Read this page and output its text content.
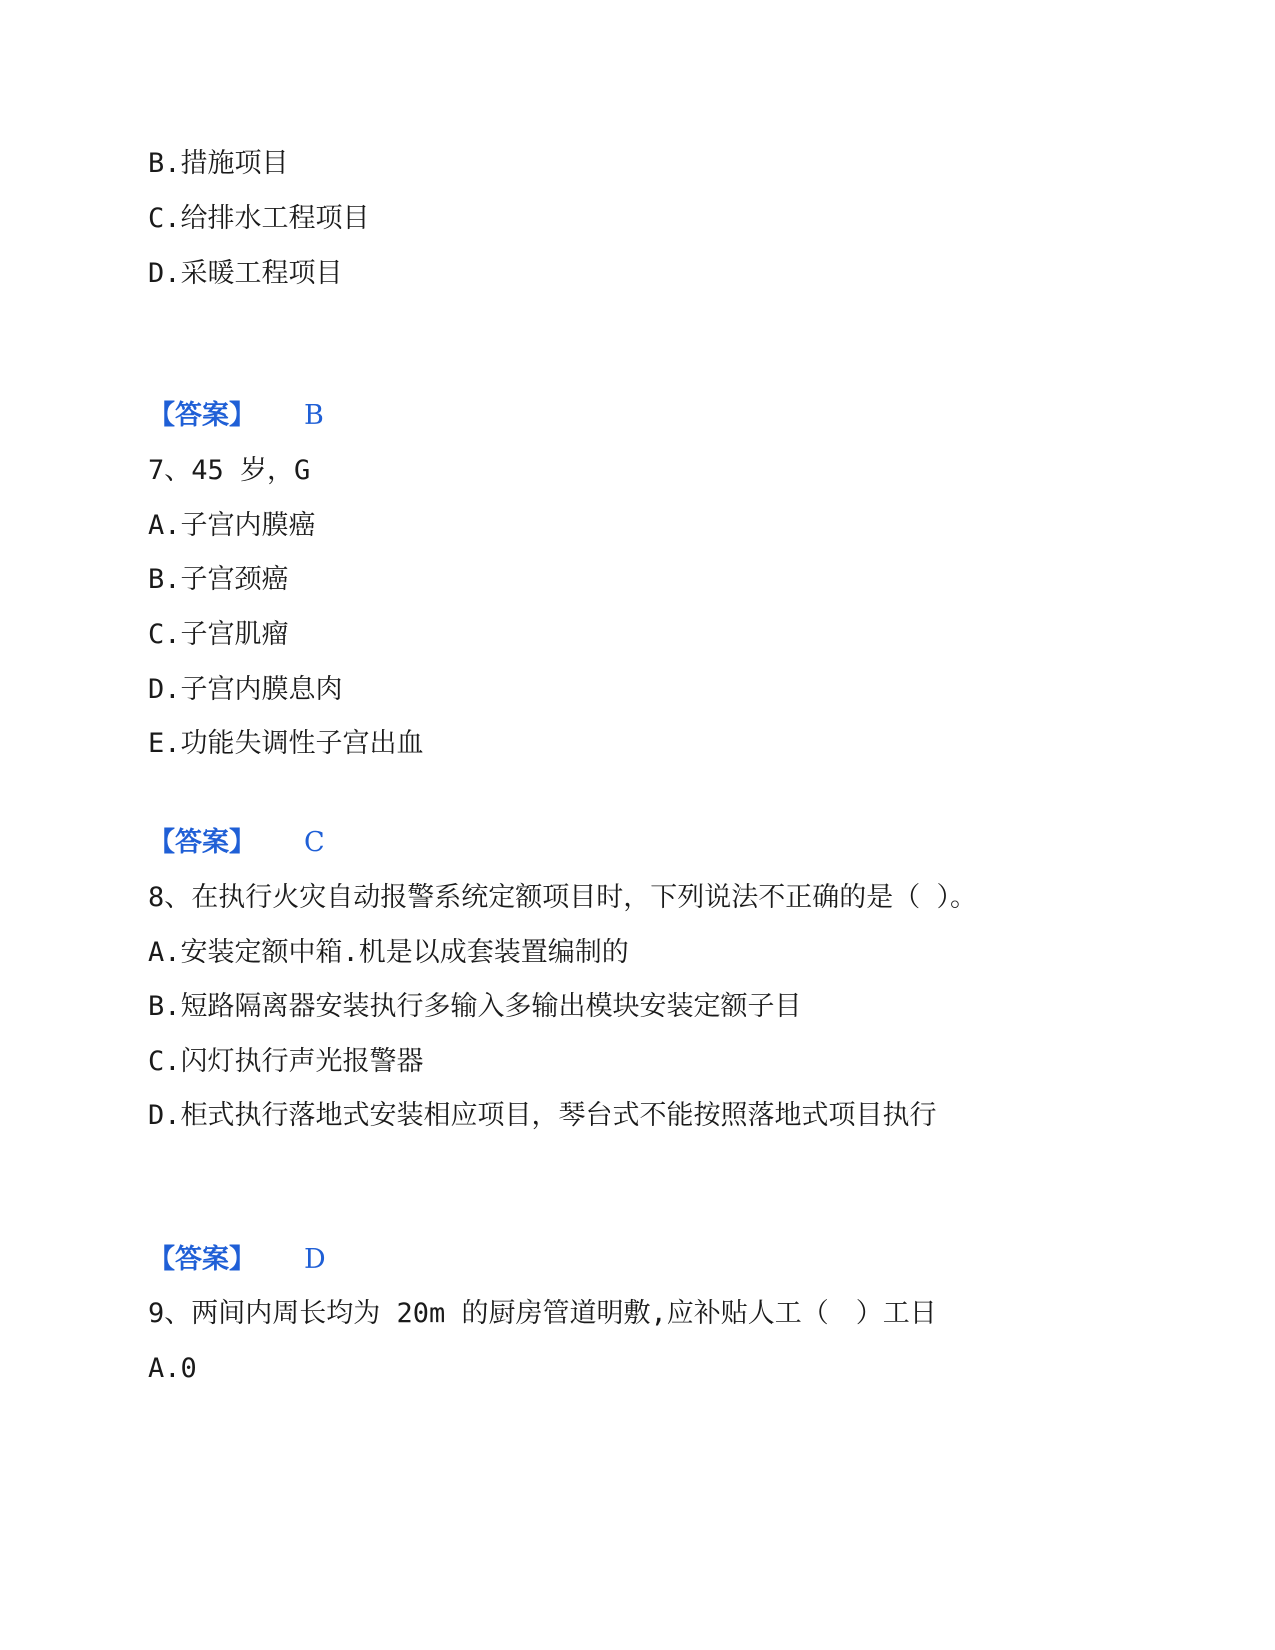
B.措施项目
C.给排水工程项目
D.采暖工程项目
【答案】 B
7、45 岁，G
A.子宫内膜癌
B.子宫颈癌
C.子宫肌瘤
D.子宫内膜息肉
E.功能失调性子宫出血
【答案】 C
8、在执行火灾自动报警系统定额项目时，下列说法不正确的是（ ）。
A.安装定额中箱.机是以成套装置编制的
B.短路隔离器安装执行多输入多输出模块安装定额子目
C.闪灯执行声光报警器
D.柜式执行落地式安装相应项目，琴台式不能按照落地式项目执行
【答案】 D
9、两间内周长均为 20m 的厨房管道明敷,应补贴人工（　）工日
A.0
